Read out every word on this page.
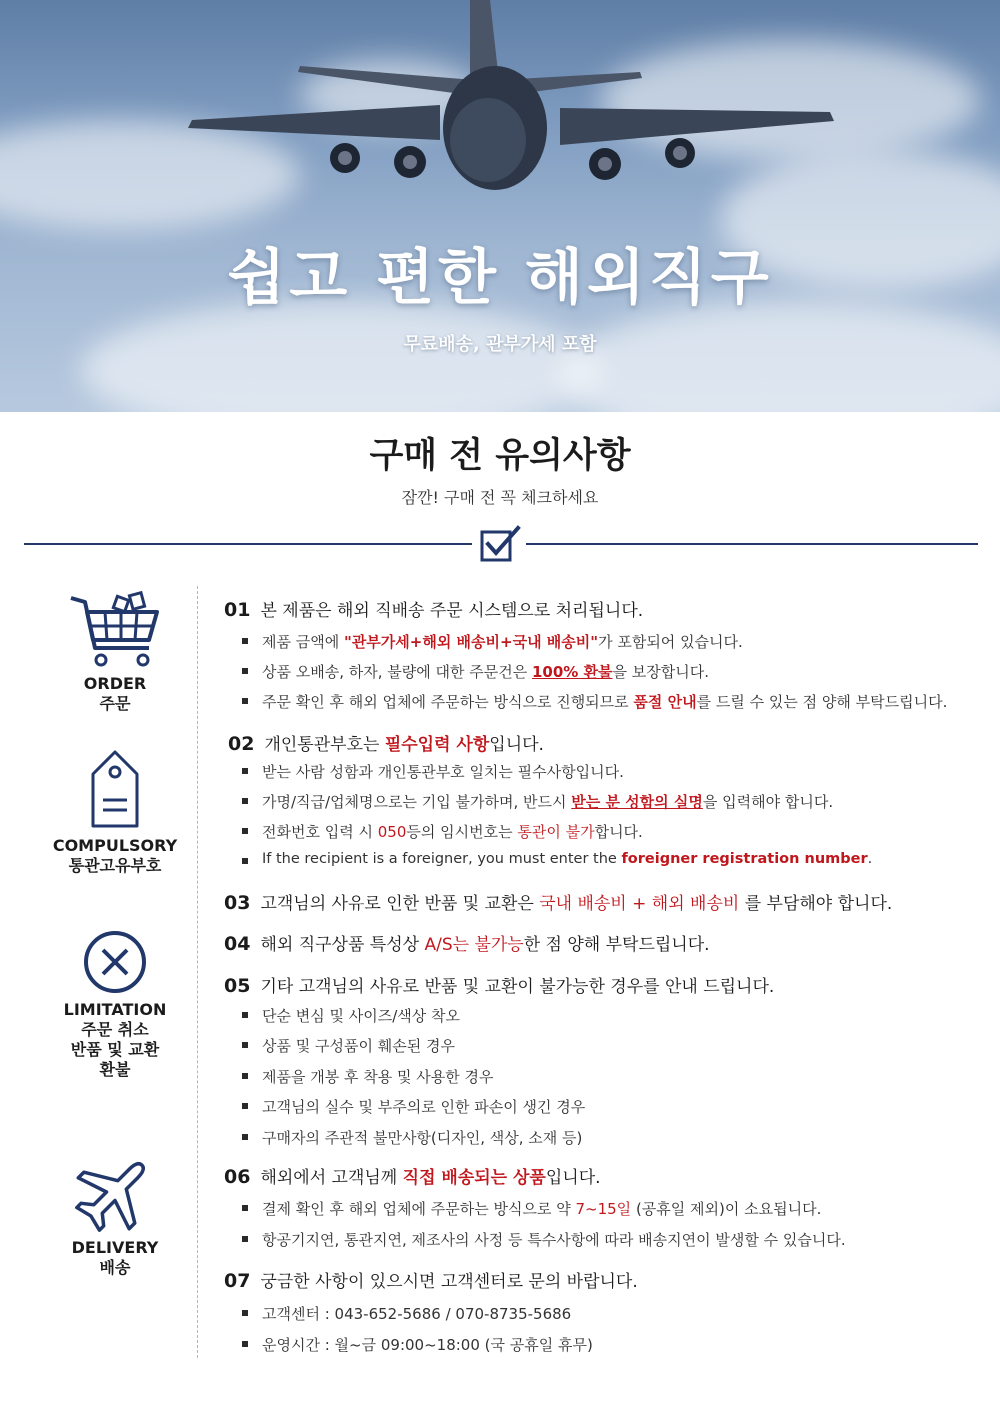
쉽고 편한 해외직구
무료배송, 관부가세 포함
구매 전 유의사항
잠깐! 구매 전 꼭 체크하세요
ORDER
주문
COMPULSORY
통관고유부호
LIMITATION
주문 취소
반품 및 교환
환불
DELIVERY
배송
01 본 제품은 해외 직배송 주문 시스템으로 처리됩니다.
제품 금액에 "관부가세+해외 배송비+국내 배송비"가 포함되어 있습니다.
상품 오배송, 하자, 불량에 대한 주문건은 100% 환불을 보장합니다.
주문 확인 후 해외 업체에 주문하는 방식으로 진행되므로 품절 안내를 드릴 수 있는 점 양해 부탁드립니다.
02 개인통관부호는 필수입력 사항입니다.
받는 사람 성함과 개인통관부호 일치는 필수사항입니다.
가명/직급/업체명으로는 기입 불가하며, 반드시 받는 분 성함의 실명을 입력해야 합니다.
전화번호 입력 시 050등의 임시번호는 통관이 불가합니다.
If the recipient is a foreigner, you must enter the foreigner registration number.
03 고객님의 사유로 인한 반품 및 교환은 국내 배송비 + 해외 배송비 를 부담해야 합니다.
04 해외 직구상품 특성상 A/S는 불가능한 점 양해 부탁드립니다.
05 기타 고객님의 사유로 반품 및 교환이 불가능한 경우를 안내 드립니다.
단순 변심 및 사이즈/색상 착오
상품 및 구성품이 훼손된 경우
제품을 개봉 후 착용 및 사용한 경우
고객님의 실수 및 부주의로 인한 파손이 생긴 경우
구매자의 주관적 불만사항(디자인, 색상, 소재 등)
06 해외에서 고객님께 직접 배송되는 상품입니다.
결제 확인 후 해외 업체에 주문하는 방식으로 약 7~15일 (공휴일 제외)이 소요됩니다.
항공기지연, 통관지연, 제조사의 사정 등 특수사항에 따라 배송지연이 발생할 수 있습니다.
07 궁금한 사항이 있으시면 고객센터로 문의 바랍니다.
고객센터 : 043-652-5686 / 070-8735-5686
운영시간 : 월~금 09:00~18:00 (국 공휴일 휴무)
